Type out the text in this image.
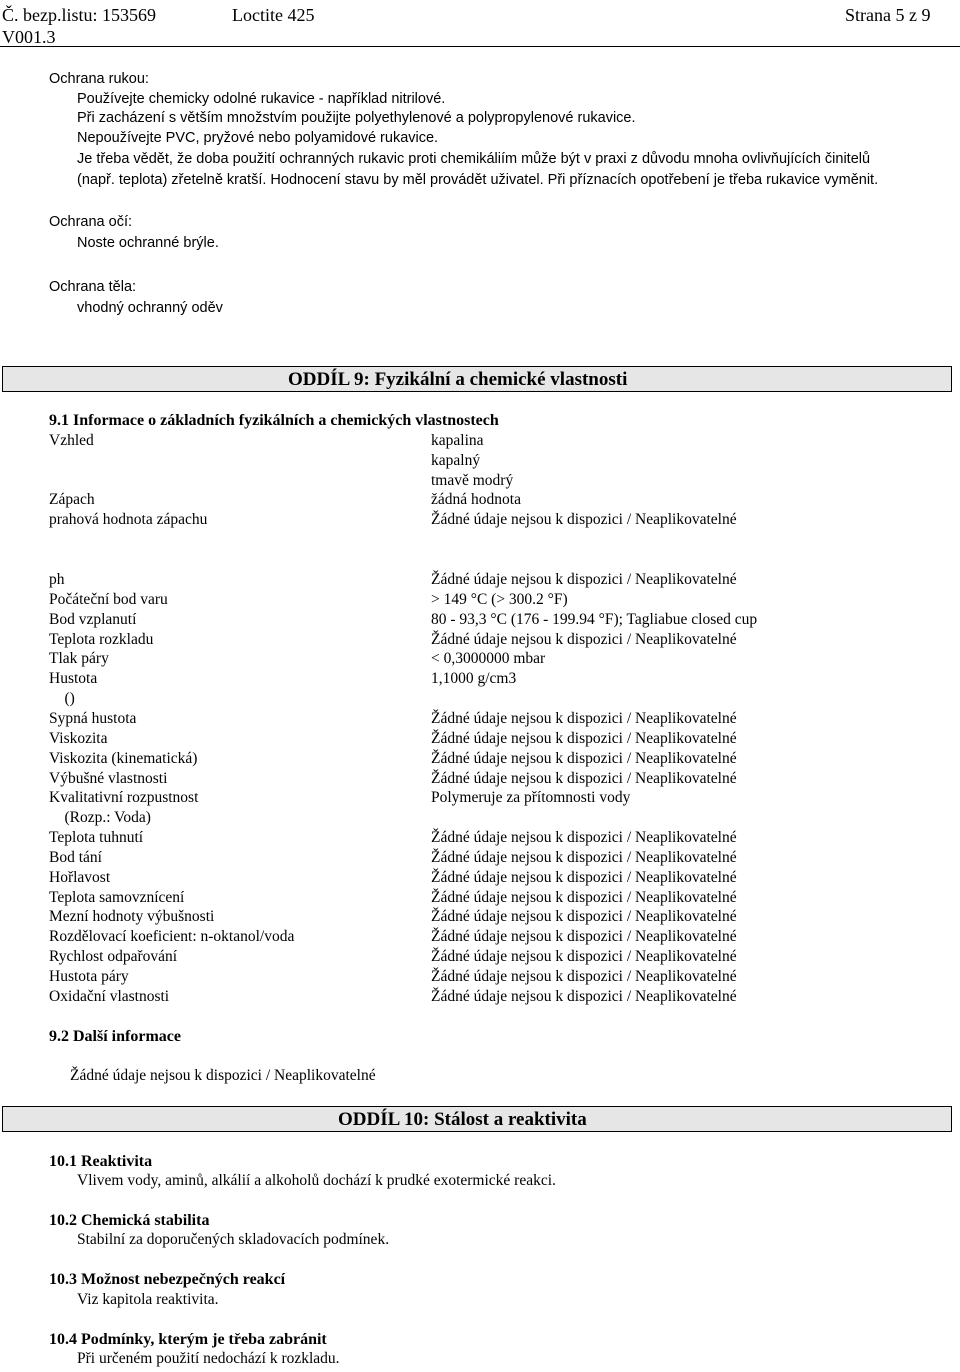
Č. bezp.listu: 153569	Loctite 425	Strana 5 z 9
V001.3
Ochrana rukou:
Používejte chemicky odolné rukavice - například nitrilové.
Při zacházení s větším množstvím použijte polyethylenové a polypropylenové rukavice.
Nepoužívejte PVC, pryžové nebo polyamidové rukavice.
Je třeba vědět, že doba použití ochranných rukavic proti chemikáliím může být v praxi z důvodu mnoha ovlivňujících činitelů
(např. teplota) zřetelně kratší. Hodnocení stavu by měl provádět uživatel. Při příznacích opotřebení je třeba rukavice vyměnit.
Ochrana očí:
Noste ochranné brýle.
Ochrana těla:
vhodný ochranný oděv
ODDÍL 9: Fyzikální a chemické vlastnosti
9.1 Informace o základních fyzikálních a chemických vlastnostech
Vzhled	kapalina
kapalný
tmavě modrý
Zápach	žádná hodnota
prahová hodnota zápachu	Žádné údaje nejsou k dispozici / Neaplikovatelné
ph	Žádné údaje nejsou k dispozici / Neaplikovatelné
Počáteční bod varu	> 149 °C (> 300.2 °F)
Bod vzplanutí	80 - 93,3 °C (176 - 199.94 °F); Tagliabue closed cup
Teplota rozkladu	Žádné údaje nejsou k dispozici / Neaplikovatelné
Tlak páry	< 0,3000000 mbar
Hustota	1,1000 g/cm3
()
Sypná hustota	Žádné údaje nejsou k dispozici / Neaplikovatelné
Viskozita	Žádné údaje nejsou k dispozici / Neaplikovatelné
Viskozita (kinematická)	Žádné údaje nejsou k dispozici / Neaplikovatelné
Výbušné vlastnosti	Žádné údaje nejsou k dispozici / Neaplikovatelné
Kvalitativní rozpustnost	Polymeruje za přítomnosti vody
(Rozp.: Voda)
Teplota tuhnutí	Žádné údaje nejsou k dispozici / Neaplikovatelné
Bod tání	Žádné údaje nejsou k dispozici / Neaplikovatelné
Hořlavost	Žádné údaje nejsou k dispozici / Neaplikovatelné
Teplota samovznícení	Žádné údaje nejsou k dispozici / Neaplikovatelné
Mezní hodnoty výbušnosti	Žádné údaje nejsou k dispozici / Neaplikovatelné
Rozdělovací koeficient: n-oktanol/voda	Žádné údaje nejsou k dispozici / Neaplikovatelné
Rychlost odpařování	Žádné údaje nejsou k dispozici / Neaplikovatelné
Hustota páry	Žádné údaje nejsou k dispozici / Neaplikovatelné
Oxidační vlastnosti	Žádné údaje nejsou k dispozici / Neaplikovatelné
9.2 Další informace
Žádné údaje nejsou k dispozici / Neaplikovatelné
ODDÍL 10: Stálost a reaktivita
10.1 Reaktivita
Vlivem vody, aminů, alkálií a alkoholů dochází k prudké exotermické reakci.
10.2 Chemická stabilita
Stabilní za doporučených skladovacích podmínek.
10.3 Možnost nebezpečných reakcí
Viz kapitola reaktivita.
10.4 Podmínky, kterým je třeba zabránit
Při určeném použití nedochází k rozkladu.
